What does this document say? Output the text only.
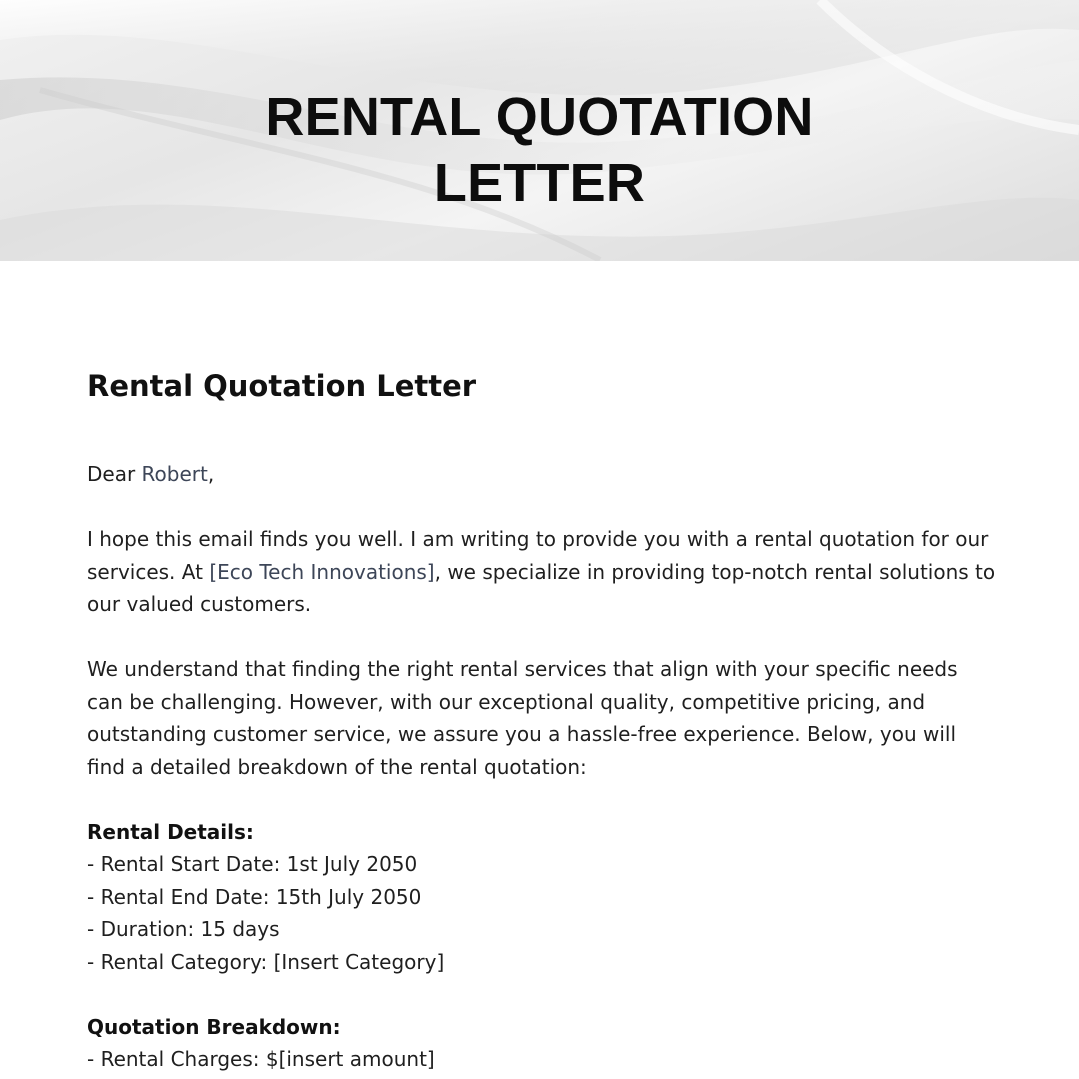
RENTAL QUOTATION
LETTER
Rental Quotation Letter

Dear Robert,

I hope this email finds you well. I am writing to provide you with a rental quotation for our services. At [Eco Tech Innovations], we specialize in providing top-notch rental solutions to our valued customers.

We understand that finding the right rental services that align with your specific needs can be challenging. However, with our exceptional quality, competitive pricing, and outstanding customer service, we assure you a hassle-free experience. Below, you will find a detailed breakdown of the rental quotation:

Rental Details:
- Rental Start Date: 1st July 2050
- Rental End Date: 15th July 2050
- Duration: 15 days
- Rental Category: [Insert Category]
Quotation Breakdown:
- Rental Charges: $[insert amount]
